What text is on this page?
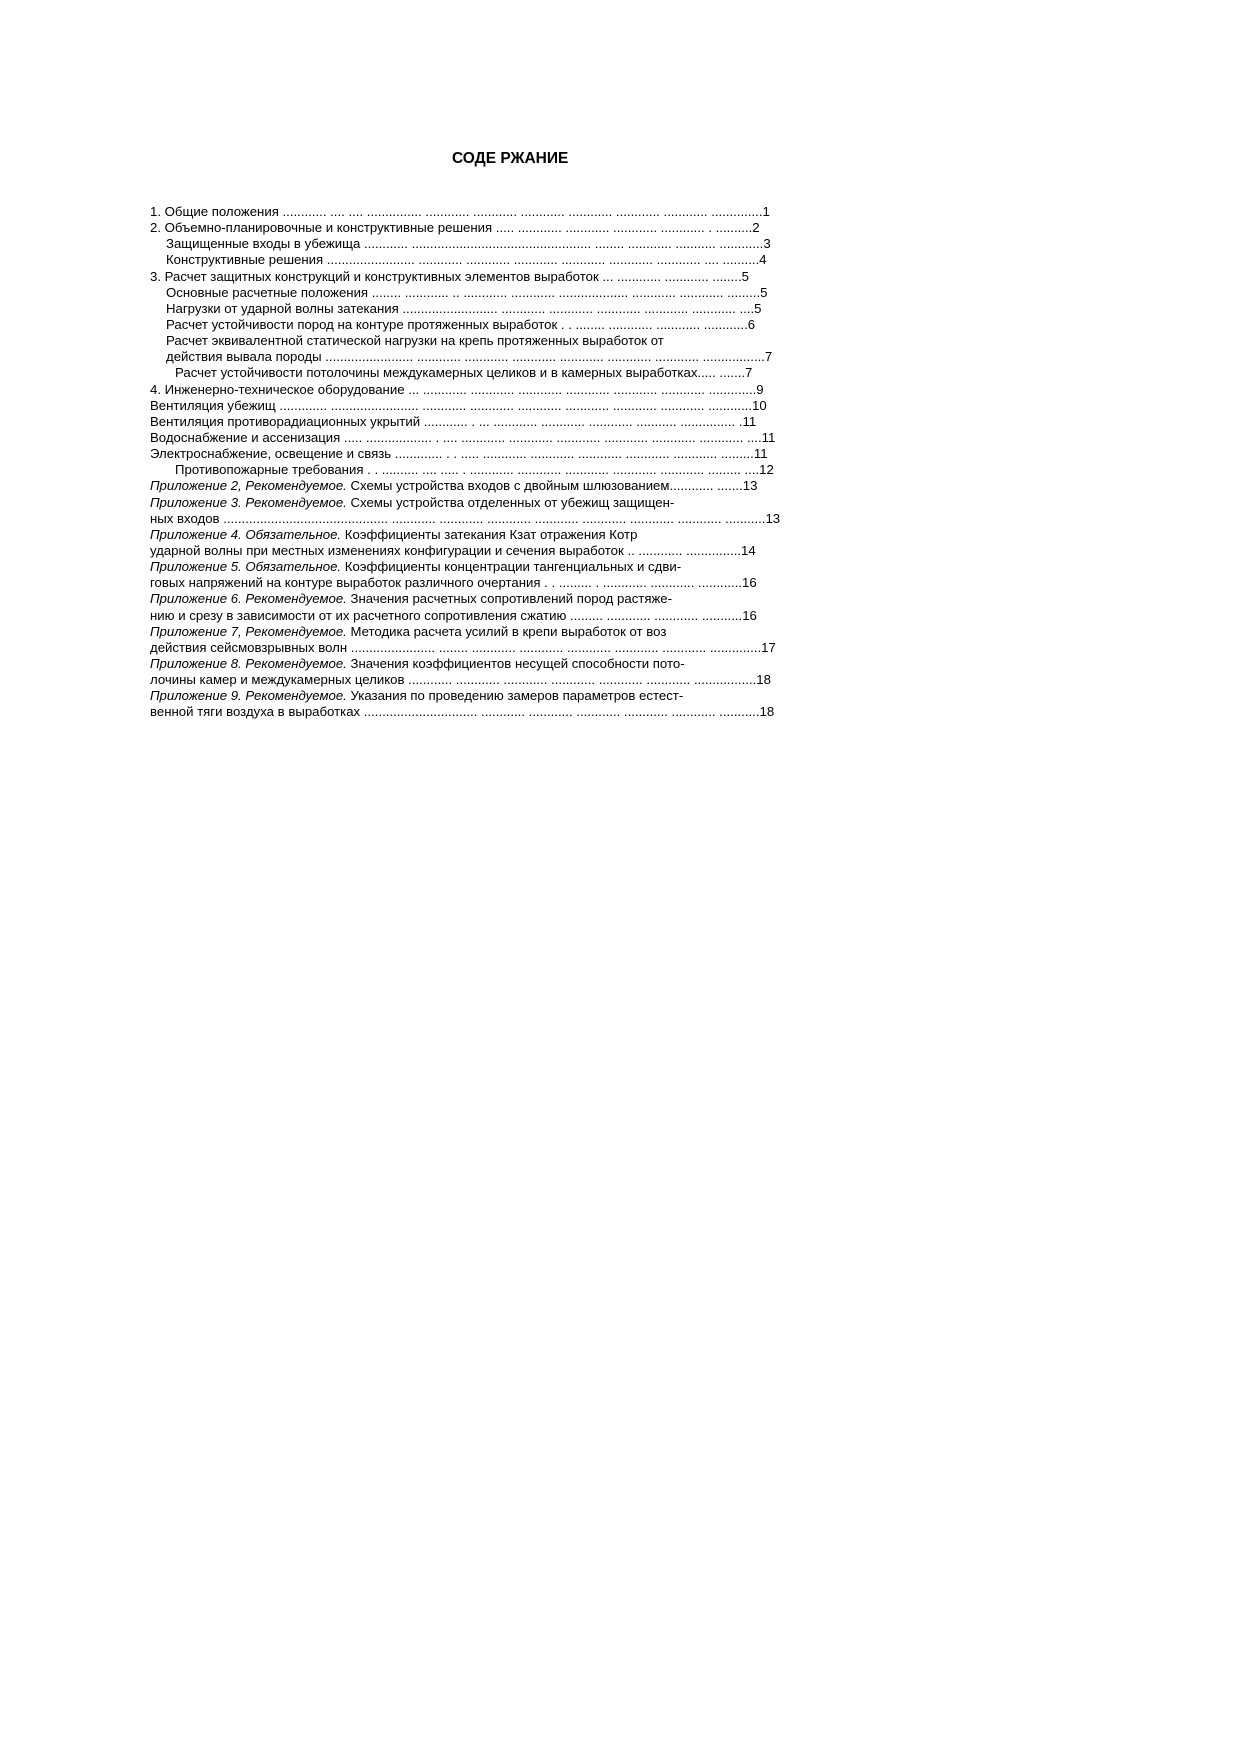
СОДЕ РЖАНИЕ
1. Общие положения ............ .... .... ............... ............ ............ ............ ............ ............ ............ ..............1
2. Объемно-планировочные и конструктивные решения ..... ............ ............ ............ ............ . ..........2
Защищенные входы в убежища ............ ................................................. ........ ............ ........... ............3
Конструктивные решения ........................ ............ ............ ............ ............ ............ ............ .... ..........4
3. Расчет защитных конструкций и конструктивных элементов выработок ... ............ ............ ........5
Основные расчетные положения ........ ............ .. ............ ............ ................... ............ ............ .........5
Нагрузки от ударной волны затекания .......................... ............ ............ ............ ............ ............ ....5
Расчет устойчивости пород на контуре протяженных выработок . . ........ ............ ............ ............6
Расчет эквивалентной статической нагрузки на крепь протяженных выработок от
действия вывала породы ........................ ............ ............ ............ ............ ............ ............ .................7
Расчет устойчивости потолочины междукамерных целиков и в камерных выработках..... .......7
4. Инженерно-техническое оборудование ... ............ ............ ............ ............ ............ ............ .............9
Вентиляция убежищ ............. ........................ ............ ............ ............ ............ ............ ............ ............10
Вентиляция противорадиационных укрытий ............ . ... ............ ............ ............ ........... ............... .11
Водоснабжение и ассенизация ..... .................. . .... ............ ............ ............ ............ ............ ............ ....11
Электроснабжение, освещение и связь ............. . . ..... ............ ............ ............ ............ ............ .........11
Противопожарные требования . . .......... .... ..... . ............ ............ ............ ............ ............ ......... ....12
Приложение 2, Рекомендуемое. Схемы устройства входов с двойным шлюзованием............ .......13
Приложение 3. Рекомендуемое. Схемы устройства отделенных от убежищ защищен-
ных входов ............................................. ............ ............ ............ ............ ............ ............ ............ ...........13
Приложение 4. Обязательное. Коэффициенты затекания Кзат отражения Котр
ударной волны при местных изменениях конфигурации и сечения выработок .. ............ ...............14
Приложение 5. Обязательное. Коэффициенты концентрации тангенциальных и сдви-
говых напряжений на контуре выработок различного очертания . . ......... . ............ ............ ............16
Приложение 6. Рекомендуемое. Значения расчетных сопротивлений пород растяже-
нию и срезу в зависимости от их расчетного сопротивления сжатию ......... ............ ............ ...........16
Приложение 7, Рекомендуемое. Методика расчета усилий в крепи выработок от воз
действия сейсмовзрывных волн ....................... ........ ............ ............ ............ ............ ............ ..............17
Приложение 8. Рекомендуемое. Значения коэффициентов несущей способности пото-
лочины камер и междукамерных целиков ............ ............ ............ ............ ............ ............ .................18
Приложение 9. Рекомендуемое. Указания по проведению замеров параметров естест-
венной тяги воздуха в выработках ............................... ............ ............ ............ ............ ............ ...........18
